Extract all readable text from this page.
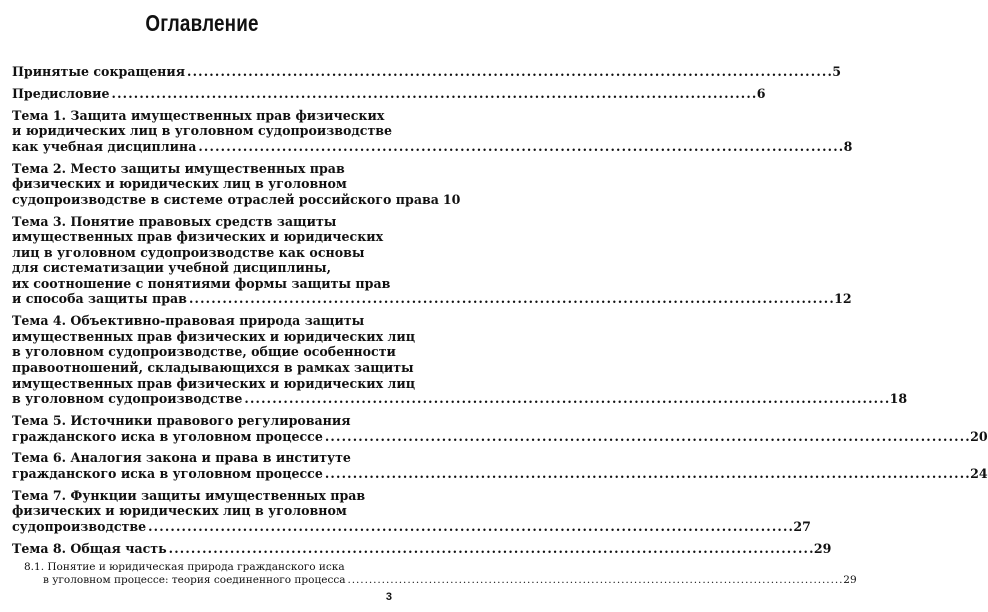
Оглавление
Принятые сокращения . . .	5
Предисловие . . .	6
Тема 1. Защита имущественных прав физических
и юридических лиц в уголовном судопроизводстве
как учебная дисциплина . . .	8
Тема 2. Место защиты имущественных прав
физических и юридических лиц в уголовном
судопроизводстве в системе отраслей российского права 10
Тема 3. Понятие правовых средств защиты
имущественных прав физических и юридических
лиц в уголовном судопроизводстве как основы
для систематизации учебной дисциплины,
их соотношение с понятиями формы защиты прав
и способа защиты прав . . .	12
Тема 4. Объективно-правовая природа защиты
имущественных прав физических и юридических лиц
в уголовном судопроизводстве, общие особенности
правоотношений, складывающихся в рамках защиты
имущественных прав физических и юридических лиц
в уголовном судопроизводстве . . .	18
Тема 5. Источники правового регулирования
гражданского иска в уголовном процессе . . .	20
Тема 6. Аналогия закона и права в институте
гражданского иска в уголовном процессе . . .	24
Тема 7. Функции защиты имущественных прав
физических и юридических лиц в уголовном
судопроизводстве . . .	27
Тема 8. Общая часть . . .	29
8.1. Понятие и юридическая природа гражданского иска
в уголовном процессе: теория соединенного процесса . . .	29
3
